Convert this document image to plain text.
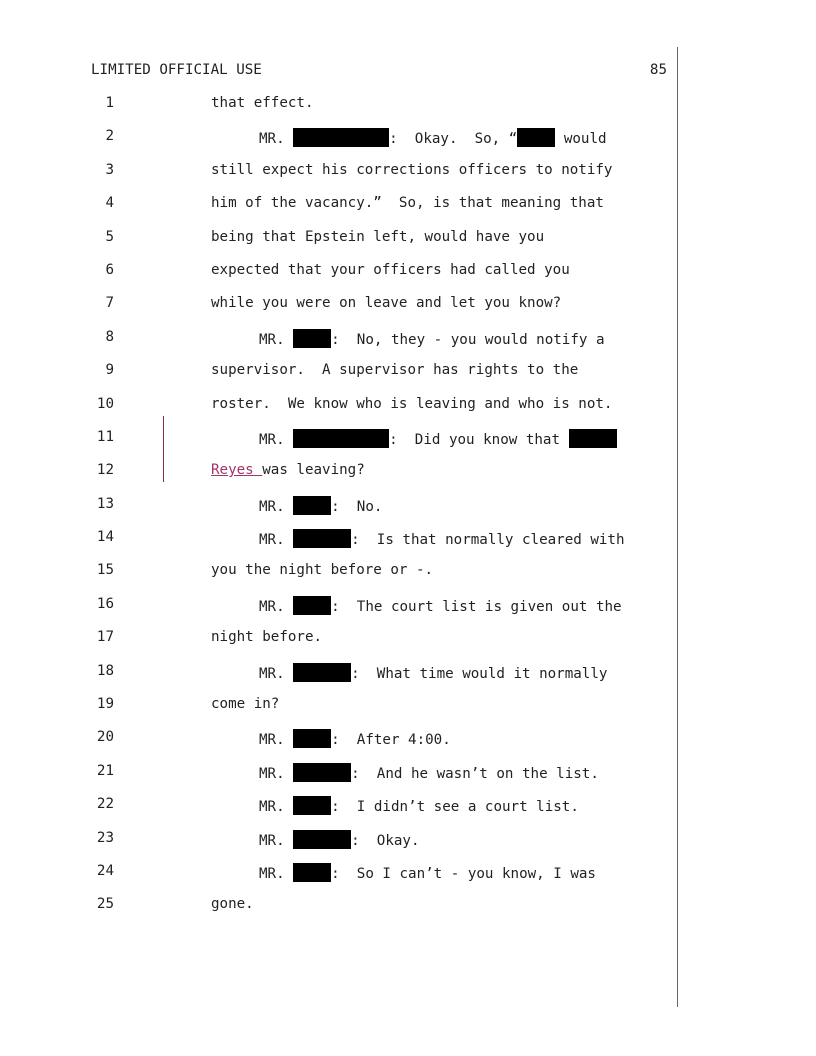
LIMITED OFFICIAL USE	85
1	that effect.
2	MR.	:  Okay.  So, “	would
3	still expect his corrections officers to notify
4	him of the vacancy.”  So, is that meaning that
5	being that Epstein left, would have you
6	expected that your officers had called you
7	while you were on leave and let you know?
8	MR.	:  No, they - you would notify a
9	supervisor.  A supervisor has rights to the
10	roster.  We know who is leaving and who is not.
11	MR.	:  Did you know that
12	Reyes was leaving?
13	MR.	:  No.
14	MR.	:  Is that normally cleared with
15	you the night before or -.
16	MR.	:  The court list is given out the
17	night before.
18	MR.	:  What time would it normally
19	come in?
20	MR.	:  After 4:00.
21	MR.	:  And he wasn’t on the list.
22	MR.	:  I didn’t see a court list.
23	MR.	:  Okay.
24	MR.	:  So I can’t - you know, I was
25	gone.
